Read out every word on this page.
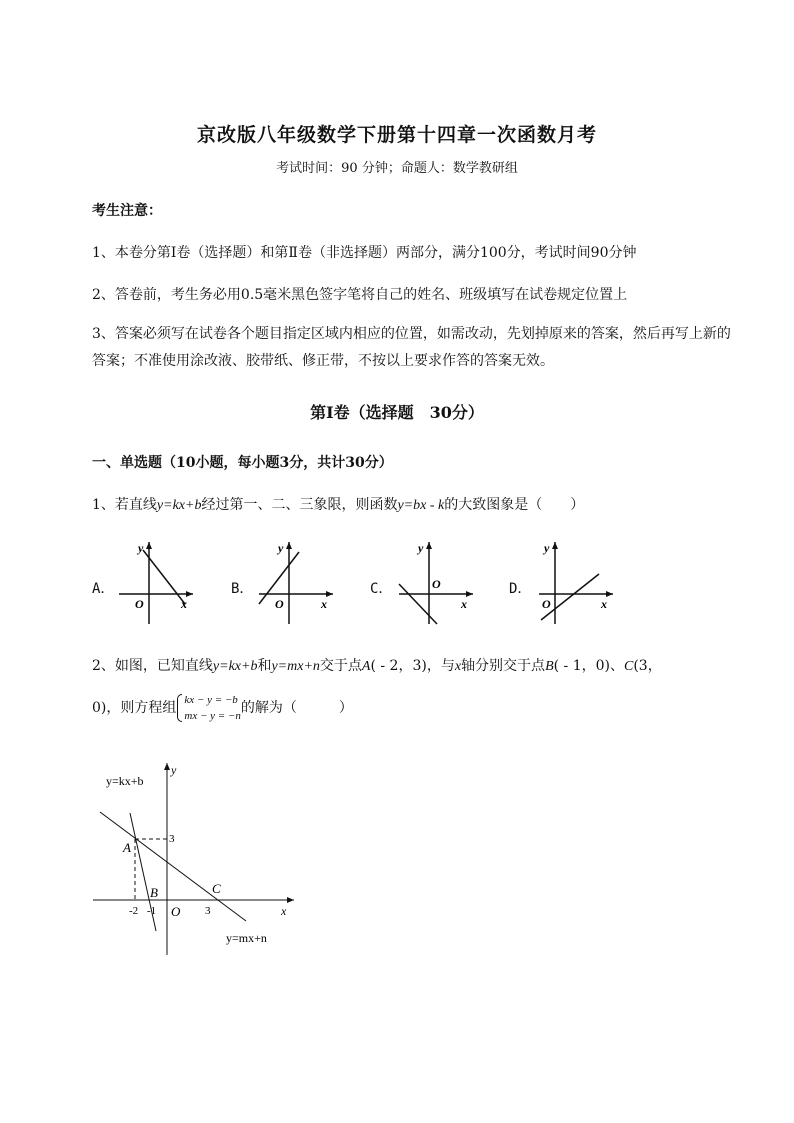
京改版八年级数学下册第十四章一次函数月考
考试时间：90 分钟；命题人：数学教研组
考生注意：
1、本卷分第Ⅰ卷（选择题）和第Ⅱ卷（非选择题）两部分，满分100分，考试时间90分钟
2、答卷前，考生务必用0.5毫米黑色签字笔将自己的姓名、班级填写在试卷规定位置上
3、答案必须写在试卷各个题目指定区域内相应的位置，如需改动，先划掉原来的答案，然后再写上新的答案；不准使用涂改液、胶带纸、修正带，不按以上要求作答的答案无效。
第Ⅰ卷（选择题　30分）
一、单选题（10小题，每小题3分，共计30分）
1、若直线y=kx+b经过第一、二、三象限，则函数y=bx - k的大致图象是（　　）
A．	B．	C．	D．
y
x
O
y
x
O
y
x
O
y
x
O
2、如图，已知直线y=kx+b和y=mx+n交于点A( - 2，3)，与x轴分别交于点B( - 1，0)、C(3，
0)，则方程组 kx − y = −b
mx − y = −n 的解为（　　　）
y=kx+b
y=mx+n
A
B	C
O	x
y
3
-2 -1	3
